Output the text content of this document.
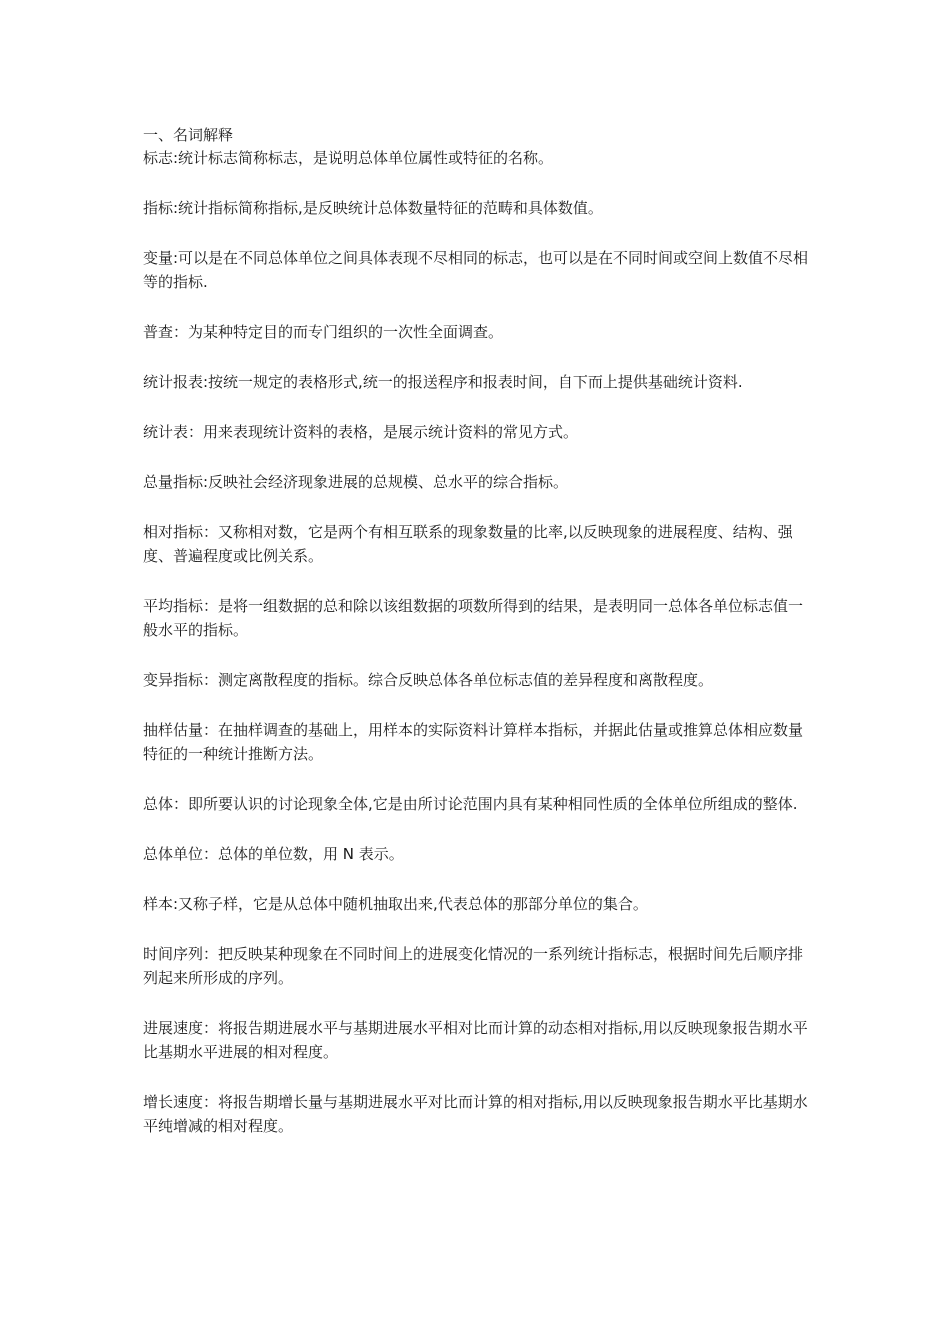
一、名词解释

标志:统计标志简称标志，是说明总体单位属性或特征的名称。

指标:统计指标简称指标,是反映统计总体数量特征的范畴和具体数值。

变量:可以是在不同总体单位之间具体表现不尽相同的标志，也可以是在不同时间或空间上数值不尽相等的指标.

普查：为某种特定目的而专门组织的一次性全面调查。

统计报表:按统一规定的表格形式,统一的报送程序和报表时间，自下而上提供基础统计资料.

统计表：用来表现统计资料的表格，是展示统计资料的常见方式。

总量指标:反映社会经济现象进展的总规模、总水平的综合指标。

相对指标：又称相对数，它是两个有相互联系的现象数量的比率,以反映现象的进展程度、结构、强度、普遍程度或比例关系。

平均指标：是将一组数据的总和除以该组数据的项数所得到的结果，是表明同一总体各单位标志值一般水平的指标。

变异指标：测定离散程度的指标。综合反映总体各单位标志值的差异程度和离散程度。

抽样估量：在抽样调查的基础上，用样本的实际资料计算样本指标，并据此估量或推算总体相应数量特征的一种统计推断方法。

总体：即所要认识的讨论现象全体,它是由所讨论范围内具有某种相同性质的全体单位所组成的整体.

总体单位：总体的单位数，用 N 表示。

样本:又称子样，它是从总体中随机抽取出来,代表总体的那部分单位的集合。

时间序列：把反映某种现象在不同时间上的进展变化情况的一系列统计指标志，根据时间先后顺序排列起来所形成的序列。

进展速度：将报告期进展水平与基期进展水平相对比而计算的动态相对指标,用以反映现象报告期水平比基期水平进展的相对程度。

增长速度：将报告期增长量与基期进展水平对比而计算的相对指标,用以反映现象报告期水平比基期水平纯增减的相对程度。
